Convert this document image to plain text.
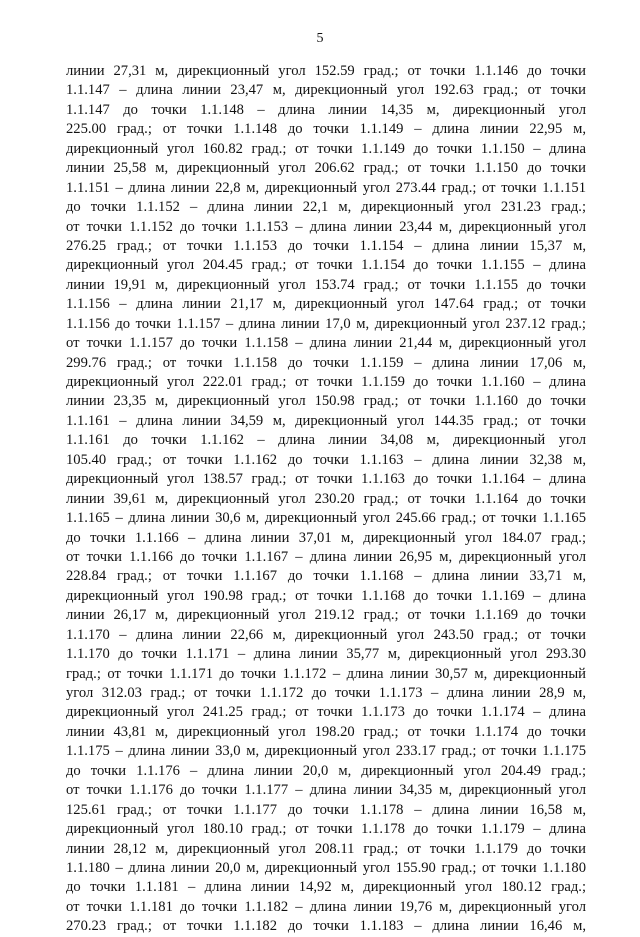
5
линии 27,31 м, дирекционный угол 152.59 град.; от точки 1.1.146 до точки
1.1.147 – длина линии 23,47 м, дирекционный угол 192.63 град.; от точки
1.1.147 до точки 1.1.148 – длина линии 14,35 м, дирекционный угол
225.00 град.; от точки 1.1.148 до точки 1.1.149 – длина линии 22,95 м,
дирекционный угол 160.82 град.; от точки 1.1.149 до точки 1.1.150 – длина
линии 25,58 м, дирекционный угол 206.62 град.; от точки 1.1.150 до точки
1.1.151 – длина линии 22,8 м, дирекционный угол 273.44 град.; от точки 1.1.151
до точки 1.1.152 – длина линии 22,1 м, дирекционный угол 231.23 град.;
от точки 1.1.152 до точки 1.1.153 – длина линии 23,44 м, дирекционный угол
276.25 град.; от точки 1.1.153 до точки 1.1.154 – длина линии 15,37 м,
дирекционный угол 204.45 град.; от точки 1.1.154 до точки 1.1.155 – длина
линии 19,91 м, дирекционный угол 153.74 град.; от точки 1.1.155 до точки
1.1.156 – длина линии 21,17 м, дирекционный угол 147.64 град.; от точки
1.1.156 до точки 1.1.157 – длина линии 17,0 м, дирекционный угол 237.12 град.;
от точки 1.1.157 до точки 1.1.158 – длина линии 21,44 м, дирекционный угол
299.76 град.; от точки 1.1.158 до точки 1.1.159 – длина линии 17,06 м,
дирекционный угол 222.01 град.; от точки 1.1.159 до точки 1.1.160 – длина
линии 23,35 м, дирекционный угол 150.98 град.; от точки 1.1.160 до точки
1.1.161 – длина линии 34,59 м, дирекционный угол 144.35 град.; от точки
1.1.161 до точки 1.1.162 – длина линии 34,08 м, дирекционный угол
105.40 град.; от точки 1.1.162 до точки 1.1.163 – длина линии 32,38 м,
дирекционный угол 138.57 град.; от точки 1.1.163 до точки 1.1.164 – длина
линии 39,61 м, дирекционный угол 230.20 град.; от точки 1.1.164 до точки
1.1.165 – длина линии 30,6 м, дирекционный угол 245.66 град.; от точки 1.1.165
до точки 1.1.166 – длина линии 37,01 м, дирекционный угол 184.07 град.;
от точки 1.1.166 до точки 1.1.167 – длина линии 26,95 м, дирекционный угол
228.84 град.; от точки 1.1.167 до точки 1.1.168 – длина линии 33,71 м,
дирекционный угол 190.98 град.; от точки 1.1.168 до точки 1.1.169 – длина
линии 26,17 м, дирекционный угол 219.12 град.; от точки 1.1.169 до точки
1.1.170 – длина линии 22,66 м, дирекционный угол 243.50 град.; от точки
1.1.170 до точки 1.1.171 – длина линии 35,77 м, дирекционный угол 293.30
град.; от точки 1.1.171 до точки 1.1.172 – длина линии 30,57 м, дирекционный
угол 312.03 град.; от точки 1.1.172 до точки 1.1.173 – длина линии 28,9 м,
дирекционный угол 241.25 град.; от точки 1.1.173 до точки 1.1.174 – длина
линии 43,81 м, дирекционный угол 198.20 град.; от точки 1.1.174 до точки
1.1.175 – длина линии 33,0 м, дирекционный угол 233.17 град.; от точки 1.1.175
до точки 1.1.176 – длина линии 20,0 м, дирекционный угол 204.49 град.;
от точки 1.1.176 до точки 1.1.177 – длина линии 34,35 м, дирекционный угол
125.61 град.; от точки 1.1.177 до точки 1.1.178 – длина линии 16,58 м,
дирекционный угол 180.10 град.; от точки 1.1.178 до точки 1.1.179 – длина
линии 28,12 м, дирекционный угол 208.11 град.; от точки 1.1.179 до точки
1.1.180 – длина линии 20,0 м, дирекционный угол 155.90 град.; от точки 1.1.180
до точки 1.1.181 – длина линии 14,92 м, дирекционный угол 180.12 град.;
от точки 1.1.181 до точки 1.1.182 – длина линии 19,76 м, дирекционный угол
270.23 град.; от точки 1.1.182 до точки 1.1.183 – длина линии 16,46 м,
